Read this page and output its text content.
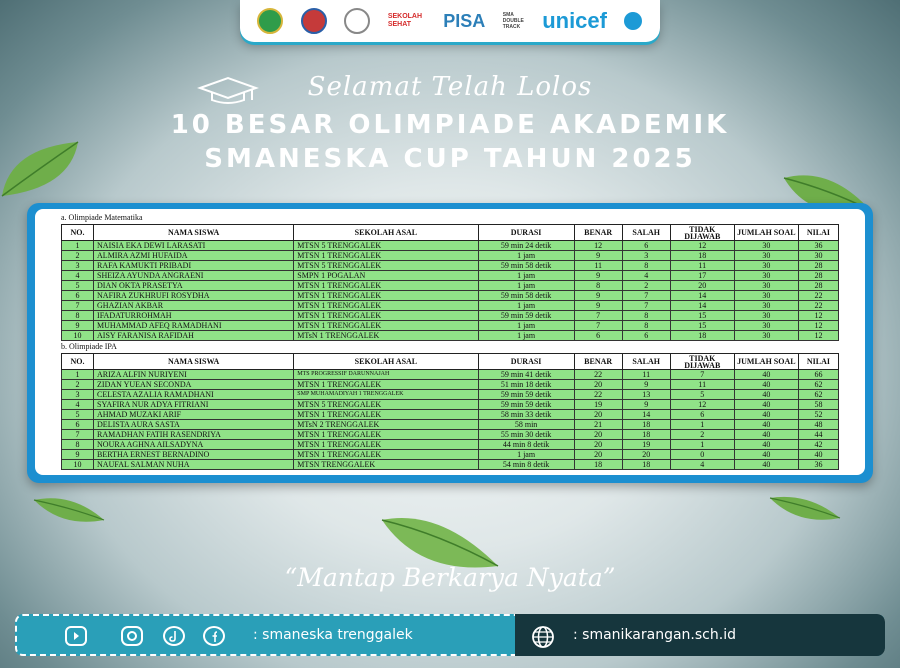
SEKOLAH SEHAT	PISA	SMA DOUBLE TRACK unicef
Selamat Telah Lolos
10 BESAR OLIMPIADE AKADEMIK
SMANESKA CUP TAHUN 2025
a. Olimpiade Matematika
NO.	NAMA SISWA	SEKOLAH ASAL	DURASI	BENAR	SALAH	TIDAK DIJAWAB	JUMLAH SOAL	NILAI
1	NAISIA EKA DEWI LARASATI	MTSN 5 TRENGGALEK	59 min 24 detik	12	6	12	30	36
2	ALMIRA AZMI HUFAIDA	MTSN 1 TRENGGALEK	1 jam	9	3	18	30	30
3	RAFA KAMUKTI PRIBADI	MTSN 5 TRENGGALEK	59 min 58 detik	11	8	11	30	28
4	SHEIZA AYUNDA ANGRAENI	SMPN 1 POGALAN	1 jam	9	4	17	30	28
5	DIAN OKTA PRASETYA	MTSN 1 TRENGGALEK	1 jam	8	2	20	30	28
6	NAFIRA ZUKHRUFI ROSYDHA	MTSN 1 TRENGGALEK	59 min 58 detik	9	7	14	30	22
7	GHAZIAN AKBAR	MTSN 1 TRENGGALEK	1 jam	9	7	14	30	22
8	IFADATURROHMAH	MTSN 1 TRENGGALEK	59 min 59 detik	7	8	15	30	12
9	MUHAMMAD AFEQ RAMADHANI	MTSN 1 TRENGGALEK	1 jam	7	8	15	30	12
10	AISY FARANISA RAFIDAH	MTsN 1 TRENGGALEK	1 jam	6	6	18	30	12
b. Olimpiade IPA
NO.	NAMA SISWA	SEKOLAH ASAL	DURASI	BENAR	SALAH	TIDAK DIJAWAB	JUMLAH SOAL	NILAI
1	ARIZA ALFIN NURIYENI	MTS PROGRESSIF DARUNNAJAH	59 min 41 detik	22	11	7	40	66
2	ZIDAN YUEAN SECONDA	MTSN 1 TRENGGALEK	51 min 18 detik	20	9	11	40	62
3	CELESTA AZALIA RAMADHANI	SMP MUHAMADIYAH 1 TRENGGALEK	59 min 59 detik	22	13	5	40	62
4	SYAFIRA NUR ADYA FITRIANI	MTSN 5 TRENGGALEK	59 min 59 detik	19	9	12	40	58
5	AHMAD MUZAKI ARIF	MTSN 1 TRENGGALEK	58 min 33 detik	20	14	6	40	52
6	DELISTA AURA SASTA	MTsN 2 TRENGGALEK	58 min	21	18	1	40	48
7	RAMADHAN FATIH RASENDRIYA	MTSN 1 TRENGGALEK	55 min 30 detik	20	18	2	40	44
8	NOURA AGHNA AILSADYNA	MTSN 1 TRENGGALEK	44 min 8 detik	20	19	1	40	42
9	BERTHA ERNEST BERNADINO	MTSN 1 TRENGGALEK	1 jam	20	20	0	40	40
10	NAUFAL SALMAN NUHA	MTSN TRENGGALEK	54 min 8 detik	18	18	4	40	36
“Mantap Berkarya Nyata”
: smaneska trenggalek	: smanikarangan.sch.id
